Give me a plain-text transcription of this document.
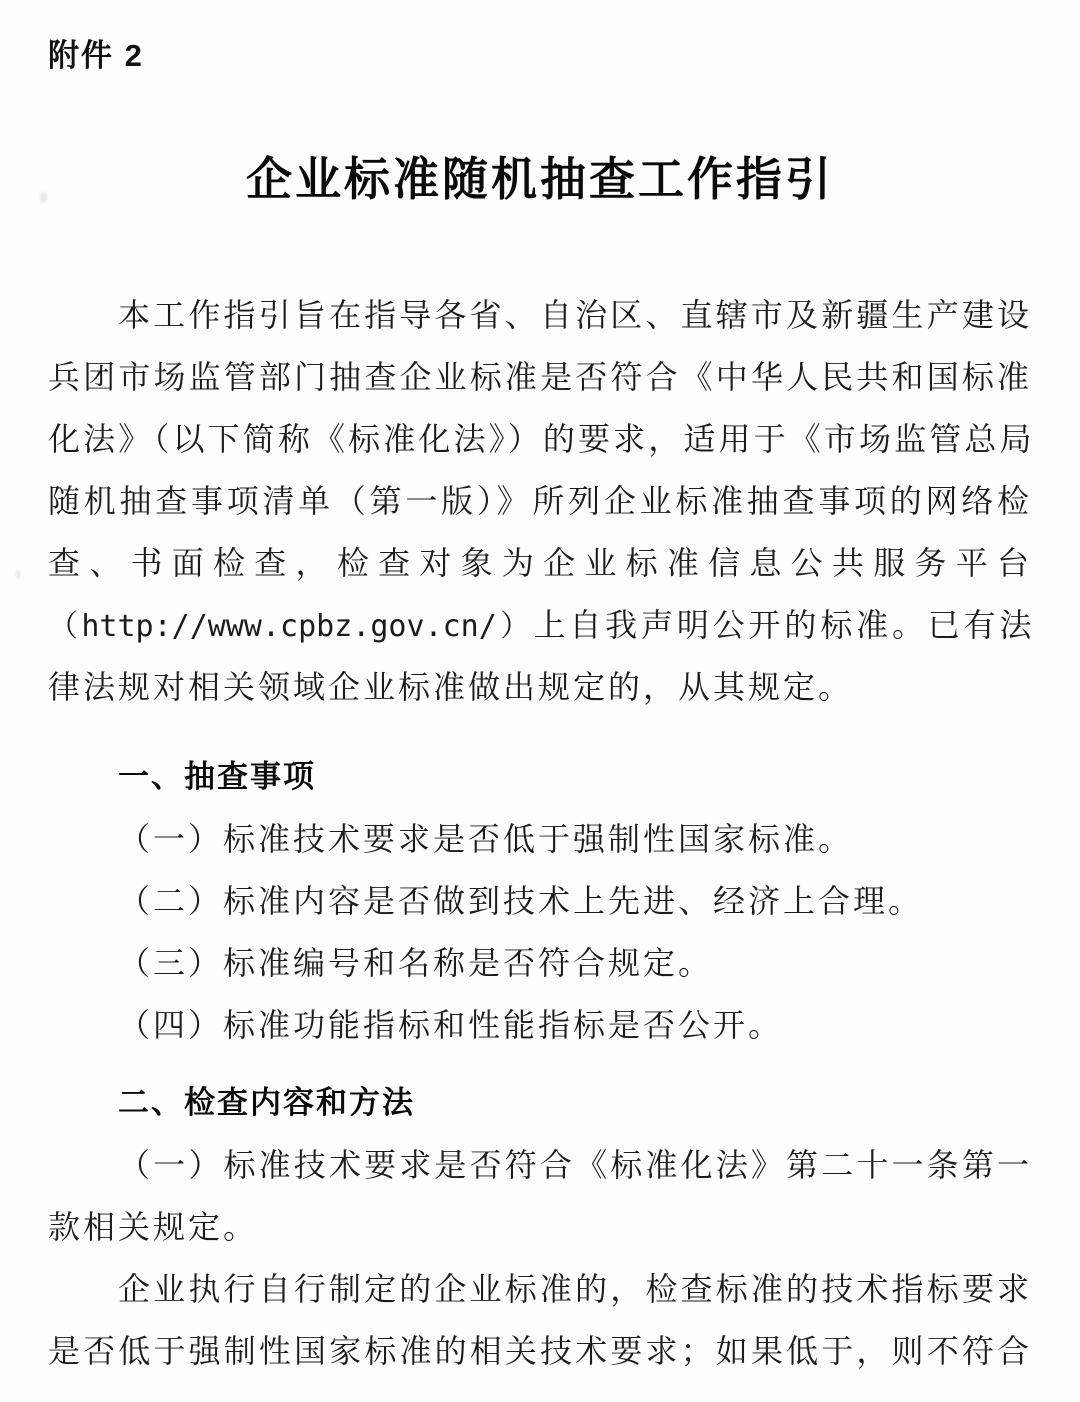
附件 2
企业标准随机抽查工作指引
本工作指引旨在指导各省、自治区、直辖市及新疆生产建设
兵团市场监管部门抽查企业标准是否符合《中华人民共和国标准
化法》（以下简称《标准化法》）的要求，适用于《市场监管总局
随机抽查事项清单（第一版）》所列企业标准抽查事项的网络检
查、书面检查，检查对象为企业标准信息公共服务平台
（http://www.cpbz.gov.cn/）上自我声明公开的标准。已有法
律法规对相关领域企业标准做出规定的，从其规定。
一、抽查事项
（一）标准技术要求是否低于强制性国家标准。
（二）标准内容是否做到技术上先进、经济上合理。
（三）标准编号和名称是否符合规定。
（四）标准功能指标和性能指标是否公开。
二、检查内容和方法
（一）标准技术要求是否符合《标准化法》第二十一条第一
款相关规定。
企业执行自行制定的企业标准的，检查标准的技术指标要求
是否低于强制性国家标准的相关技术要求；如果低于，则不符合
